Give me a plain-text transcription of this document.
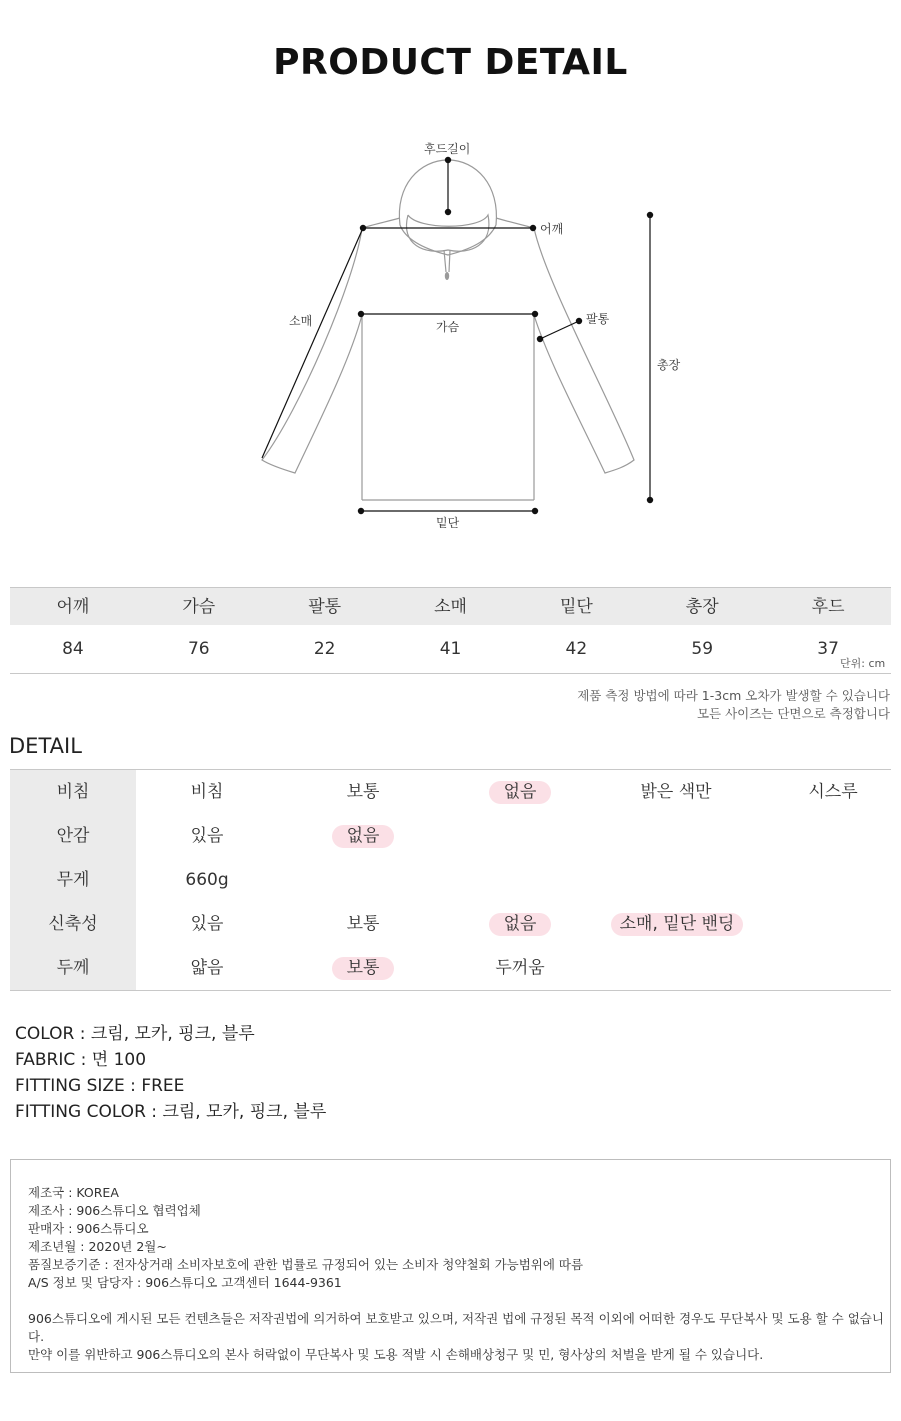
PRODUCT DETAIL
후드길이
어깨
소매	가슴
팔통
총장
밑단
어깨	가슴	팔통	소매	밑단	총장	후드
84	76	22	41	42	59	37
단위: cm
제품 측정 방법에 따라 1-3cm 오차가 발생할 수 있습니다
모든 사이즈는 단면으로 측정합니다
DETAIL
비침	비침	보통	없음	밝은 색만	시스루
안감	있음	없음
무게	660g
신축성	있음	보통	없음	소매, 밑단 밴딩
두께	얇음	보통	두꺼움
COLOR : 크림, 모카, 핑크, 블루
FABRIC : 면 100
FITTING SIZE : FREE
FITTING COLOR : 크림, 모카, 핑크, 블루
제조국 : KOREA
제조사 : 906스튜디오 협력업체
판매자 : 906스튜디오
제조년월 : 2020년 2월~
품질보증기준 : 전자상거래 소비자보호에 관한 법률로 규정되어 있는 소비자 청약철회 가능범위에 따름
A/S 정보 및 담당자 : 906스튜디오 고객센터 1644-9361
906스튜디오에 게시된 모든 컨텐츠들은 저작권법에 의거하여 보호받고 있으며, 저작권 법에 규정된 목적 이외에 어떠한 경우도 무단복사 및 도용 할 수 없습니다.
만약 이를 위반하고 906스튜디오의 본사 허락없이 무단복사 및 도용 적발 시 손해배상청구 및 민, 형사상의 처벌을 받게 될 수 있습니다.
